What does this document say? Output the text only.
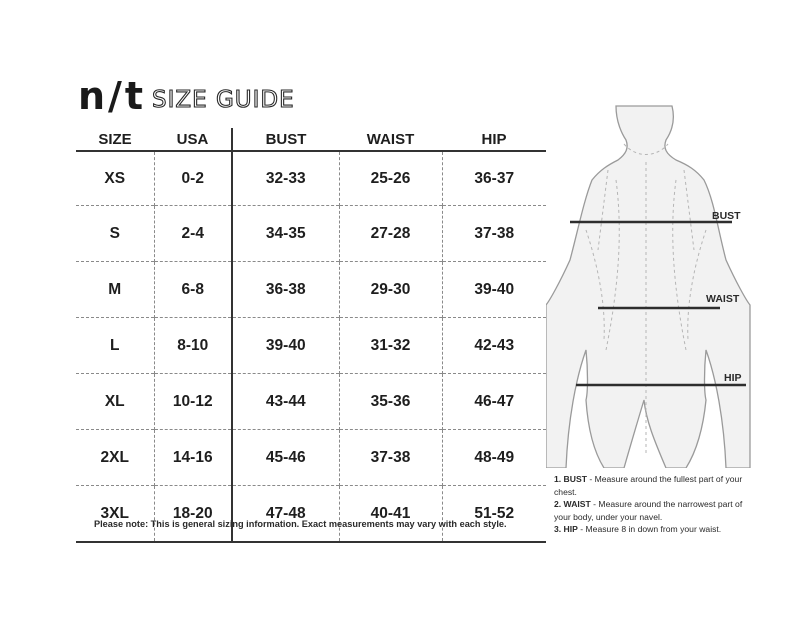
n/t SIZE GUIDE
SIZE	USA	BUST	WAIST	HIP
XS	0-2	32-33	25-26	36-37
S	2-4	34-35	27-28	37-38
M	6-8	36-38	29-30	39-40
L	8-10	39-40	31-32	42-43
XL	10-12	43-44	35-36	46-47
2XL	14-16	45-46	37-38	48-49
3XL	18-20	47-48	40-41	51-52
Please note: This is general sizing information. Exact measurements may vary with each style.
BUST
WAIST
HIP

1. BUST - Measure around the fullest part of your chest.

2. WAIST - Measure around the narrowest part of your body, under your navel.

3. HIP - Measure 8 in down from your waist.
